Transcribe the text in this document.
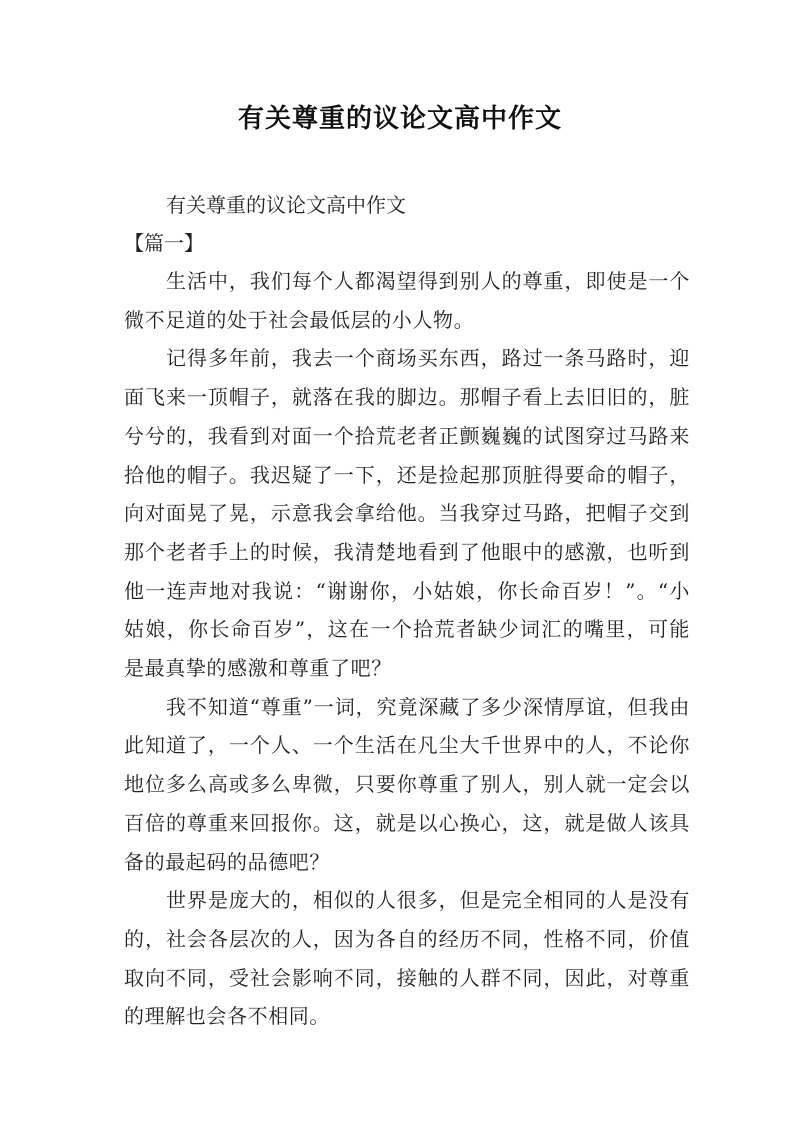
有关尊重的议论文高中作文

有关尊重的议论文高中作文

【篇一】

生活中，我们每个人都渴望得到别人的尊重，即使是一个微不足道的处于社会最低层的小人物。

记得多年前，我去一个商场买东西，路过一条马路时，迎面飞来一顶帽子，就落在我的脚边。那帽子看上去旧旧的，脏兮兮的，我看到对面一个拾荒老者正颤巍巍的试图穿过马路来拾他的帽子。我迟疑了一下，还是捡起那顶脏得要命的帽子，向对面晃了晃，示意我会拿给他。当我穿过马路，把帽子交到那个老者手上的时候，我清楚地看到了他眼中的感激，也听到他一连声地对我说：“谢谢你，小姑娘，你长命百岁！”。“小姑娘，你长命百岁”，这在一个拾荒者缺少词汇的嘴里，可能是最真挚的感激和尊重了吧？

我不知道“尊重”一词，究竟深藏了多少深情厚谊，但我由此知道了，一个人、一个生活在凡尘大千世界中的人，不论你地位多么高或多么卑微，只要你尊重了别人，别人就一定会以百倍的尊重来回报你。这，就是以心换心，这，就是做人该具备的最起码的品德吧？

世界是庞大的，相似的人很多，但是完全相同的人是没有的，社会各层次的人，因为各自的经历不同，性格不同，价值取向不同，受社会影响不同，接触的人群不同，因此，对尊重的理解也会各不相同。
